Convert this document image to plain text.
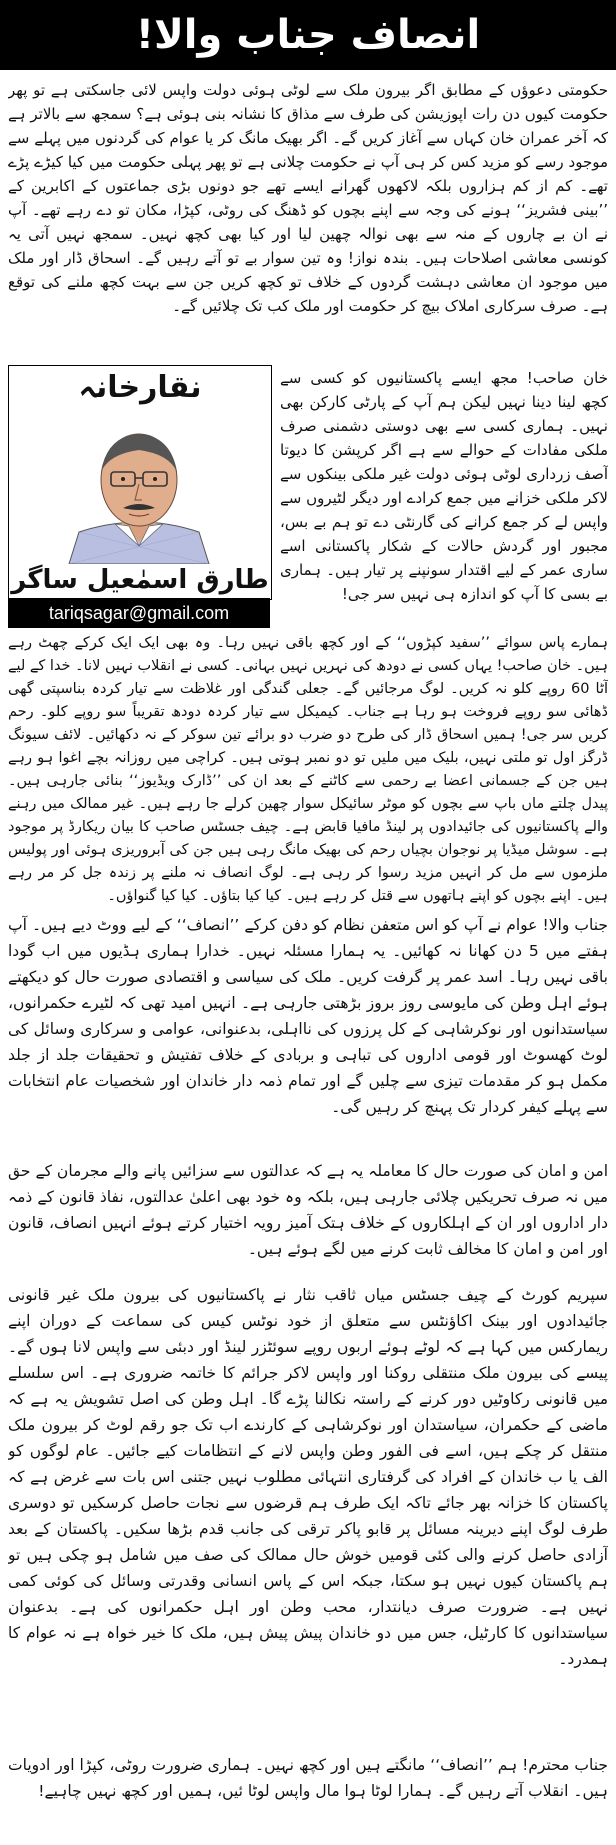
انصاف جناب والا!

حکومتی دعوؤں کے مطابق اگر بیرون ملک سے لوٹی ہوئی دولت واپس لائی جاسکتی ہے تو پھر حکومت کیوں دن رات اپوزیشن کی طرف سے مذاق کا نشانہ بنی ہوئی ہے؟ سمجھ سے بالاتر ہے کہ آخر عمران خان کہاں سے آغاز کریں گے۔ اگر بھیک مانگ کر یا عوام کی گردنوں میں پہلے سے موجود رسے کو مزید کس کر ہی آپ نے حکومت چلانی ہے تو پھر پہلی حکومت میں کیا کیڑے پڑے تھے۔ کم از کم ہزاروں بلکہ لاکھوں گھرانے ایسے تھے جو دونوں بڑی جماعتوں کے اکابرین کے ’’بینی فشریز‘‘ ہونے کی وجہ سے اپنے بچوں کو ڈھنگ کی روٹی، کپڑا، مکان تو دے رہے تھے۔ آپ نے ان بے چاروں کے منہ سے بھی نوالہ چھین لیا اور کیا بھی کچھ نہیں۔ سمجھ نہیں آتی یہ کونسی معاشی اصلاحات ہیں۔ بندہ نواز! وہ تین سوار بے تو آتے رہیں گے۔ اسحاق ڈار اور ملک میں موجود ان معاشی دہشت گردوں کے خلاف تو کچھ کریں جن سے بہت کچھ ملنے کی توقع ہے۔ صرف سرکاری املاک بیچ کر حکومت اور ملک کب تک چلائیں گے۔

خان صاحب! مجھ ایسے پاکستانیوں کو کسی سے کچھ لینا دینا نہیں لیکن ہم آپ کے پارٹی کارکن بھی نہیں۔ ہماری کسی سے بھی دوستی دشمنی صرف ملکی مفادات کے حوالے سے ہے اگر کرپشن کا دیوتا آصف زرداری لوٹی ہوئی دولت غیر ملکی بینکوں سے لاکر ملکی خزانے میں جمع کرادے اور دیگر لٹیروں سے واپس لے کر جمع کرانے کی گارنٹی دے تو ہم بے بس، مجبور اور گردش حالات کے شکار پاکستانی اسے ساری عمر کے لیے اقتدار سونپنے پر تیار ہیں۔ ہماری بے بسی کا آپ کو اندازہ ہی نہیں سر جی!

نقارخانہ
طارق اسمٰعیل ساگر
tariqsagar@gmail.com

ہمارے پاس سوائے ’’سفید کپڑوں‘‘ کے اور کچھ باقی نہیں رہا۔ وہ بھی ایک ایک کرکے چھٹ رہے ہیں۔ خان صاحب! یہاں کسی نے دودھ کی نہریں نہیں بہانی۔ کسی نے انقلاب نہیں لانا۔ خدا کے لیے آٹا 60 روپے کلو نہ کریں۔ لوگ مرجائیں گے۔ جعلی گندگی اور غلاظت سے تیار کردہ بناسپتی گھی ڈھائی سو روپے فروخت ہو رہا ہے جناب۔ کیمیکل سے تیار کردہ دودھ تقریباً سو روپے کلو۔ رحم کریں سر جی! ہمیں اسحاق ڈار کی طرح دو ضرب دو برائے تین سوکر کے نہ دکھائیں۔ لائف سیونگ ڈرگز اول تو ملتی نہیں، بلیک میں ملیں تو دو نمبر ہوتی ہیں۔ کراچی میں روزانہ بچے اغوا ہو رہے ہیں جن کے جسمانی اعضا بے رحمی سے کاٹنے کے بعد ان کی ’’ڈارک ویڈیوز‘‘ بنائی جارہی ہیں۔ پیدل چلتے ماں باپ سے بچوں کو موٹر سائیکل سوار چھین کرلے جا رہے ہیں۔ غیر ممالک میں رہنے والے پاکستانیوں کی جائیدادوں پر لینڈ مافیا قابض ہے۔ چیف جسٹس صاحب کا بیان ریکارڈ پر موجود ہے۔ سوشل میڈیا پر نوجوان بچیاں رحم کی بھیک مانگ رہی ہیں جن کی آبروریزی ہوئی اور پولیس ملزموں سے مل کر انہیں مزید رسوا کر رہی ہے۔ لوگ انصاف نہ ملنے پر زندہ جل کر مر رہے ہیں۔ اپنے بچوں کو اپنے ہاتھوں سے قتل کر رہے ہیں۔ کیا کیا بتاؤں۔ کیا کیا گنواؤں۔

جناب والا! عوام نے آپ کو اس متعفن نظام کو دفن کرکے ’’انصاف‘‘ کے لیے ووٹ دیے ہیں۔ آپ ہفتے میں 5 دن کھانا نہ کھائیں۔ یہ ہمارا مسئلہ نہیں۔ خدارا ہماری ہڈیوں میں اب گودا باقی نہیں رہا۔ اسد عمر پر گرفت کریں۔ ملک کی سیاسی و اقتصادی صورت حال کو دیکھتے ہوئے اہل وطن کی مایوسی روز بروز بڑھتی جارہی ہے۔ انہیں امید تھی کہ لٹیرے حکمرانوں، سیاستدانوں اور نوکرشاہی کے کل پرزوں کی نااہلی، بدعنوانی، عوامی و سرکاری وسائل کی لوٹ کھسوٹ اور قومی اداروں کی تباہی و بربادی کے خلاف تفتیش و تحقیقات جلد از جلد مکمل ہو کر مقدمات تیزی سے چلیں گے اور تمام ذمہ دار خاندان اور شخصیات عام انتخابات سے پہلے کیفر کردار تک پہنچ کر رہیں گی۔

امن و امان کی صورت حال کا معاملہ یہ ہے کہ عدالتوں سے سزائیں پانے والے مجرمان کے حق میں نہ صرف تحریکیں چلائی جارہی ہیں، بلکہ وہ خود بھی اعلیٰ عدالتوں، نفاذ قانون کے ذمہ دار اداروں اور ان کے اہلکاروں کے خلاف ہتک آمیز رویہ اختیار کرتے ہوئے انہیں انصاف، قانون اور امن و امان کا مخالف ثابت کرنے میں لگے ہوئے ہیں۔

سپریم کورٹ کے چیف جسٹس میاں ثاقب نثار نے پاکستانیوں کی بیرون ملک غیر قانونی جائیدادوں اور بینک اکاؤنٹس سے متعلق از خود نوٹس کیس کی سماعت کے دوران اپنے ریمارکس میں کہا ہے کہ لوٹے ہوئے اربوں روپے سوئٹزر لینڈ اور دبئی سے واپس لانا ہوں گے۔ پیسے کی بیرون ملک منتقلی روکنا اور واپس لاکر جرائم کا خاتمہ ضروری ہے۔ اس سلسلے میں قانونی رکاوٹیں دور کرنے کے راستہ نکالنا پڑے گا۔ اہل وطن کی اصل تشویش یہ ہے کہ ماضی کے حکمران، سیاستدان اور نوکرشاہی کے کارندے اب تک جو رقم لوٹ کر بیرون ملک منتقل کر چکے ہیں، اسے فی الفور وطن واپس لانے کے انتظامات کیے جائیں۔ عام لوگوں کو الف یا ب خاندان کے افراد کی گرفتاری انتہائی مطلوب نہیں جتنی اس بات سے غرض ہے کہ پاکستان کا خزانہ بھر جائے تاکہ ایک طرف ہم قرضوں سے نجات حاصل کرسکیں تو دوسری طرف لوگ اپنے دیرینہ مسائل پر قابو پاکر ترقی کی جانب قدم بڑھا سکیں۔ پاکستان کے بعد آزادی حاصل کرنے والی کئی قومیں خوش حال ممالک کی صف میں شامل ہو چکی ہیں تو ہم پاکستان کیوں نہیں ہو سکتا، جبکہ اس کے پاس انسانی وقدرتی وسائل کی کوئی کمی نہیں ہے۔ ضرورت صرف دیانتدار، محب وطن اور اہل حکمرانوں کی ہے۔ بدعنوان سیاستدانوں کا کارٹیل، جس میں دو خاندان پیش پیش ہیں، ملک کا خیر خواہ ہے نہ عوام کا ہمدرد۔

جناب محترم! ہم ’’انصاف‘‘ مانگتے ہیں اور کچھ نہیں۔ ہماری ضرورت روٹی، کپڑا اور ادویات ہیں۔ انقلاب آتے رہیں گے۔ ہمارا لوٹا ہوا مال واپس لوٹا ئیں، ہمیں اور کچھ نہیں چاہیے!
